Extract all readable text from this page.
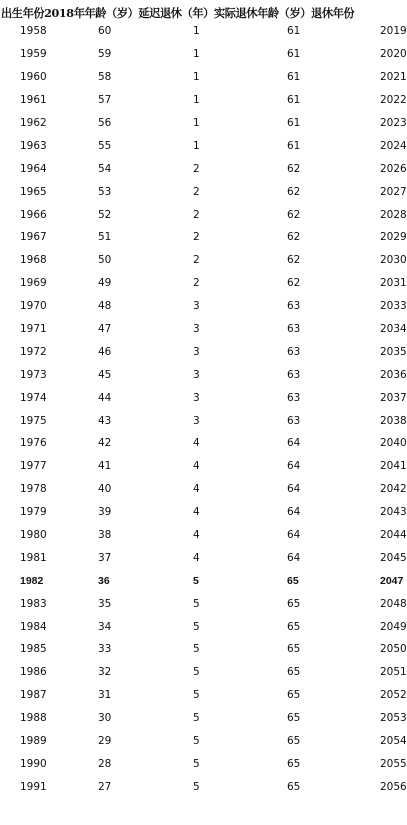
出生年份 2018年年龄（岁） 延迟退休（年） 实际退休年龄（岁） 退休年份
1958	60	1	61	2019
1959	59	1	61	2020
1960	58	1	61	2021
1961	57	1	61	2022
1962	56	1	61	2023
1963	55	1	61	2024
1964	54	2	62	2026
1965	53	2	62	2027
1966	52	2	62	2028
1967	51	2	62	2029
1968	50	2	62	2030
1969	49	2	62	2031
1970	48	3	63	2033
1971	47	3	63	2034
1972	46	3	63	2035
1973	45	3	63	2036
1974	44	3	63	2037
1975	43	3	63	2038
1976	42	4	64	2040
1977	41	4	64	2041
1978	40	4	64	2042
1979	39	4	64	2043
1980	38	4	64	2044
1981	37	4	64	2045
1982	36	5	65	2047
1983	35	5	65	2048
1984	34	5	65	2049
1985	33	5	65	2050
1986	32	5	65	2051
1987	31	5	65	2052
1988	30	5	65	2053
1989	29	5	65	2054
1990	28	5	65	2055
1991	27	5	65	2056
